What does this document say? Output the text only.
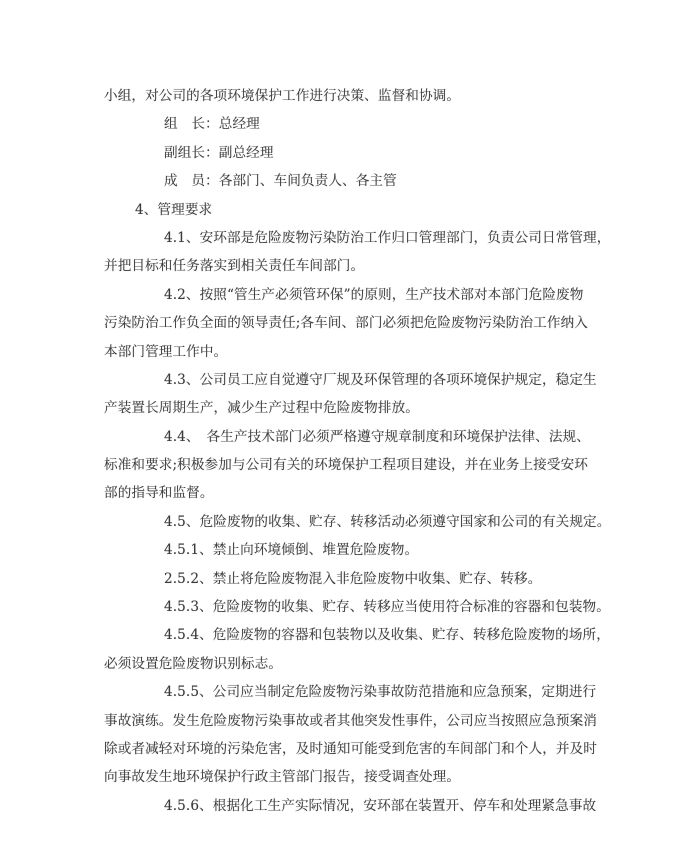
小组，对公司的各项环境保护工作进行决策、监督和协调。
组　长：总经理
副组长：副总经理
成　员：各部门、车间负责人、各主管
4、管理要求
4.1、安环部是危险废物污染防治工作归口管理部门，负责公司日常管理，
并把目标和任务落实到相关责任车间部门。
4.2、按照“管生产必须管环保”的原则，生产技术部对本部门危险废物
污染防治工作负全面的领导责任;各车间、部门必须把危险废物污染防治工作纳入
本部门管理工作中。
4.3、公司员工应自觉遵守厂规及环保管理的各项环境保护规定，稳定生
产装置长周期生产，减少生产过程中危险废物排放。
4.4、　各生产技术部门必须严格遵守规章制度和环境保护法律、法规、
标准和要求;积极参加与公司有关的环境保护工程项目建设，并在业务上接受安环
部的指导和监督。
4.5、危险废物的收集、贮存、转移活动必须遵守国家和公司的有关规定。
4.5.1、禁止向环境倾倒、堆置危险废物。
2.5.2、禁止将危险废物混入非危险废物中收集、贮存、转移。
4.5.3、危险废物的收集、贮存、转移应当使用符合标准的容器和包装物。
4.5.4、危险废物的容器和包装物以及收集、贮存、转移危险废物的场所，
必须设置危险废物识别标志。
4.5.5、公司应当制定危险废物污染事故防范措施和应急预案，定期进行
事故演练。发生危险废物污染事故或者其他突发性事件，公司应当按照应急预案消
除或者减轻对环境的污染危害，及时通知可能受到危害的车间部门和个人，并及时
向事故发生地环境保护行政主管部门报告，接受调查处理。
4.5.6、根据化工生产实际情况，安环部在装置开、停车和处理紧急事故
